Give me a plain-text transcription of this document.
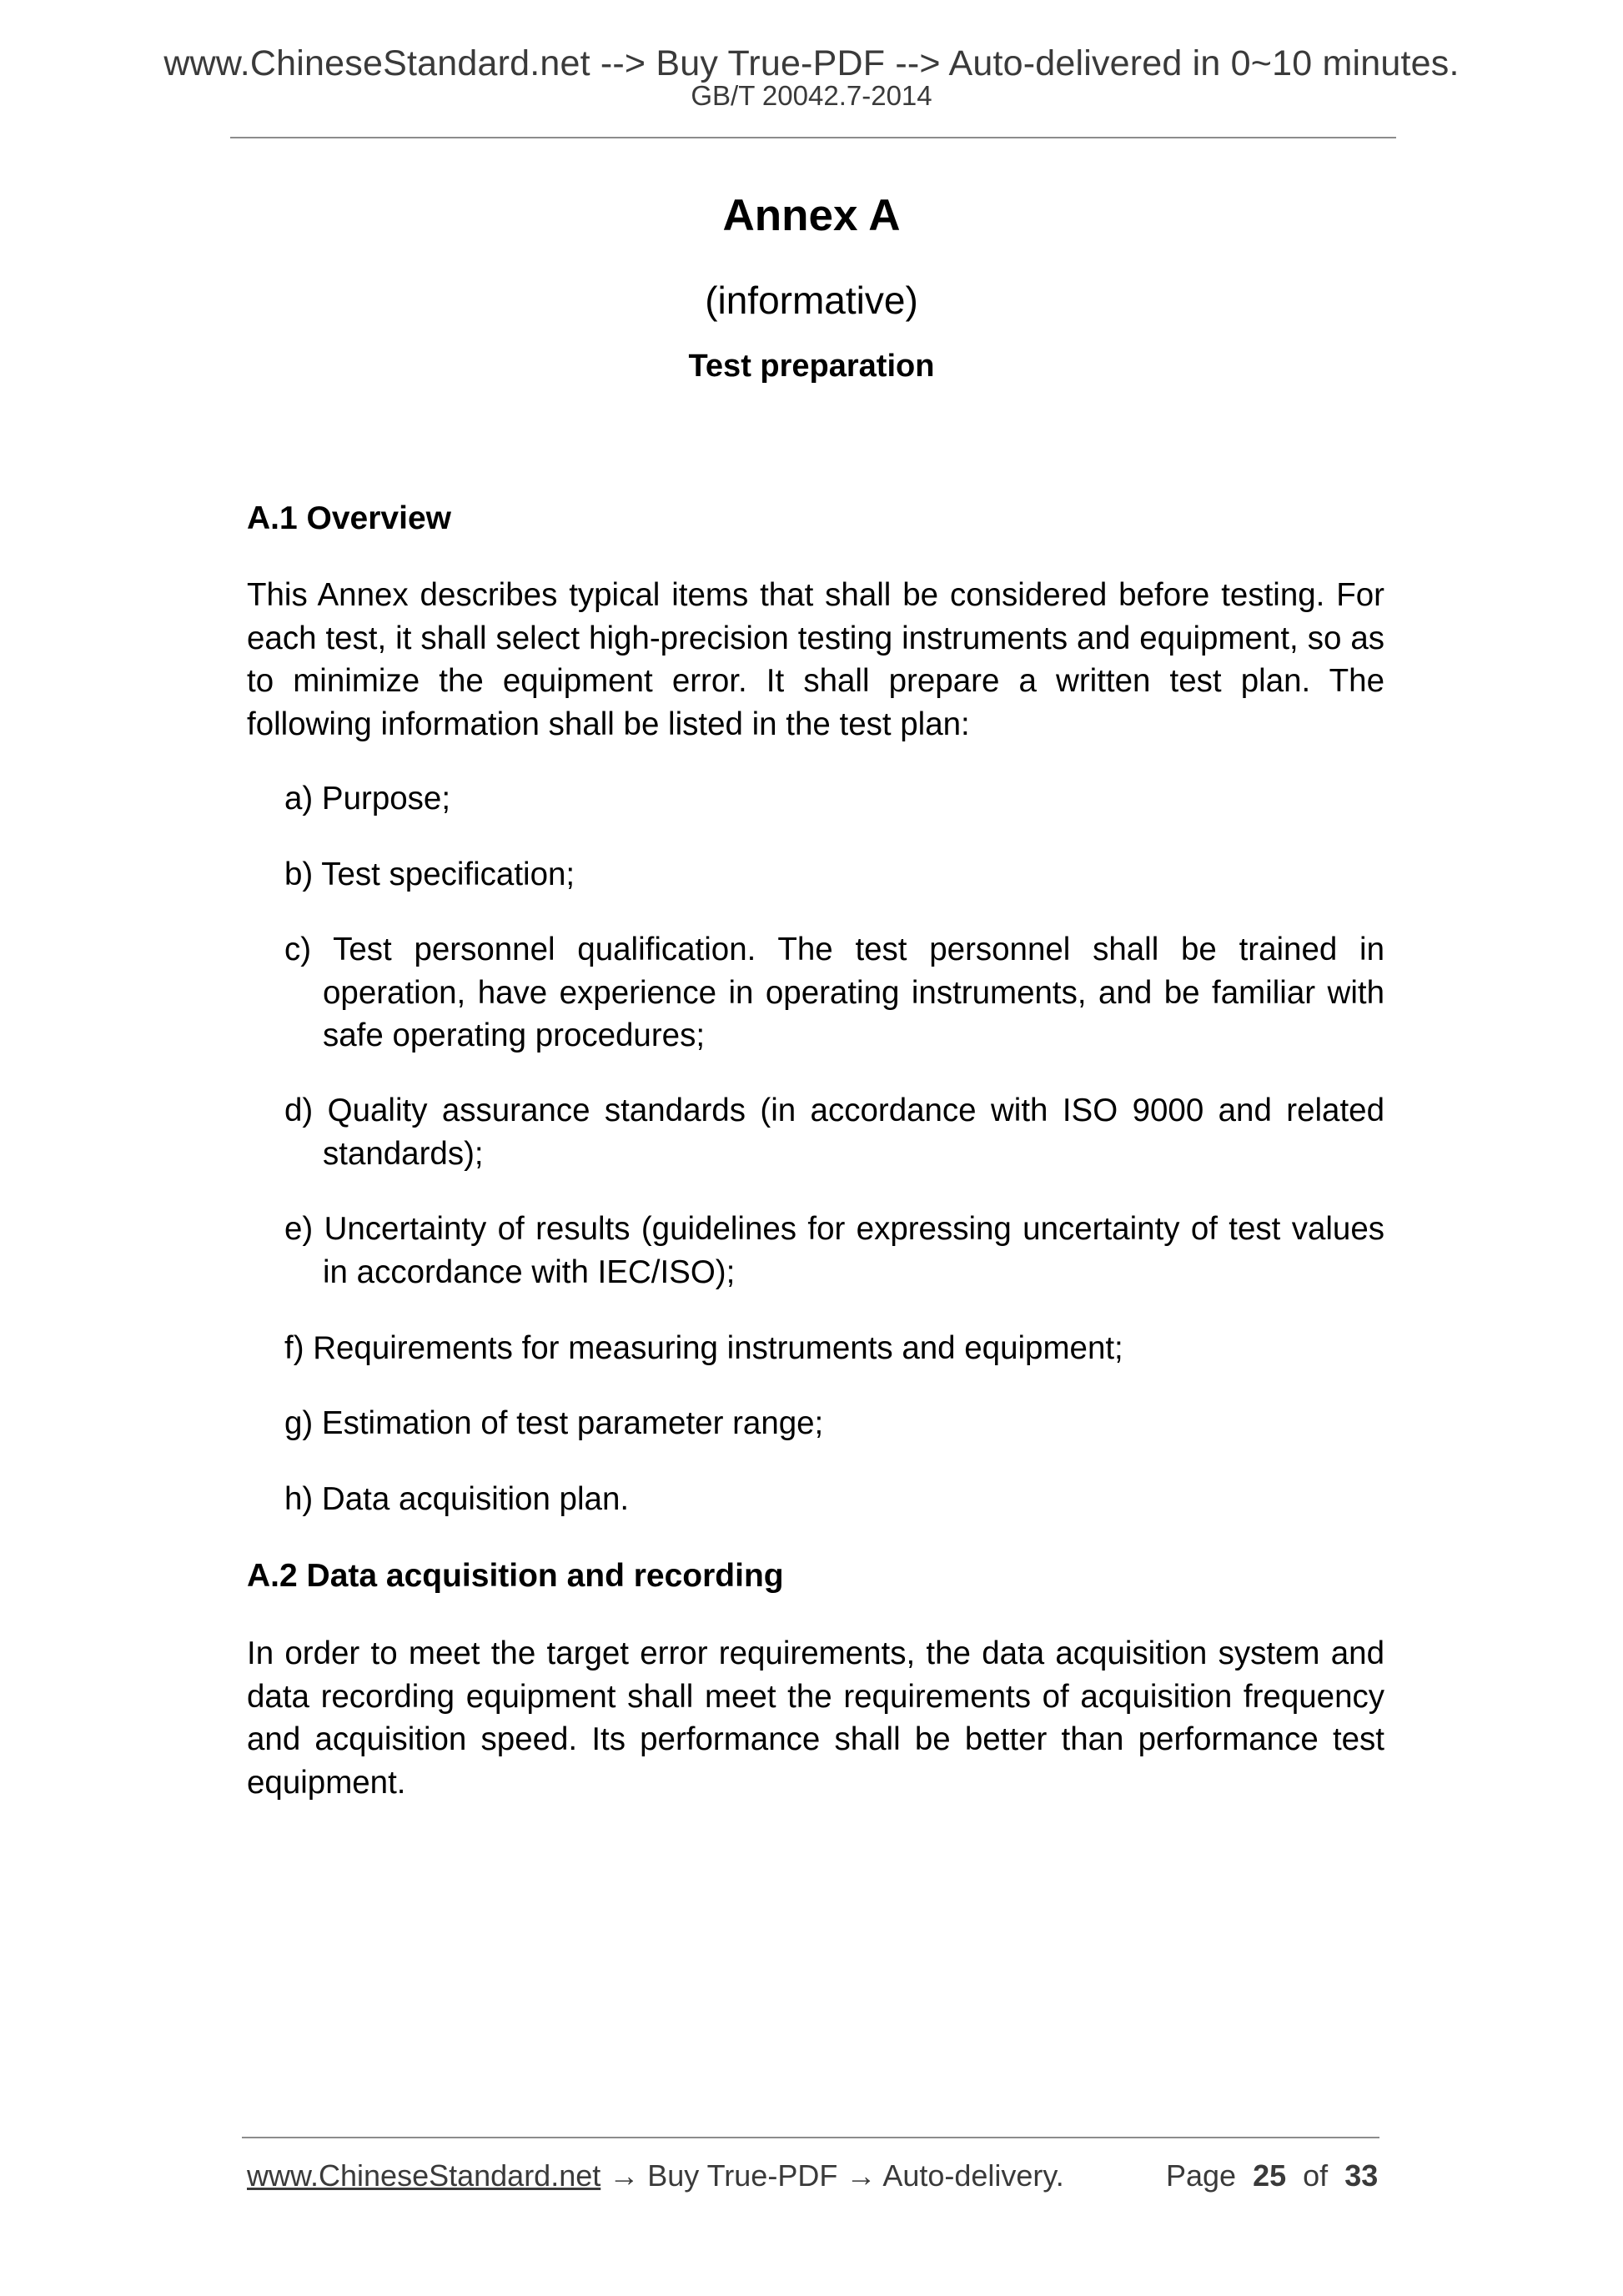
www.ChineseStandard.net --> Buy True-PDF --> Auto-delivered in 0~10 minutes.
GB/T 20042.7-2014
Annex A
(informative)
Test preparation
A.1 Overview

This Annex describes typical items that shall be considered before testing. For each test, it shall select high-precision testing instruments and equipment, so as to minimize the equipment error. It shall prepare a written test plan. The following information shall be listed in the test plan:

a) Purpose;
b) Test specification;
c) Test personnel qualification. The test personnel shall be trained in operation, have experience in operating instruments, and be familiar with safe operating procedures;
d) Quality assurance standards (in accordance with ISO 9000 and related standards);
e) Uncertainty of results (guidelines for expressing uncertainty of test values in accordance with IEC/ISO);
f) Requirements for measuring instruments and equipment;
g) Estimation of test parameter range;
h) Data acquisition plan.
A.2 Data acquisition and recording

In order to meet the target error requirements, the data acquisition system and data recording equipment shall meet the requirements of acquisition frequency and acquisition speed. Its performance shall be better than performance test equipment.

www.ChineseStandard.net → Buy True-PDF → Auto-delivery.	Page 25 of 33
